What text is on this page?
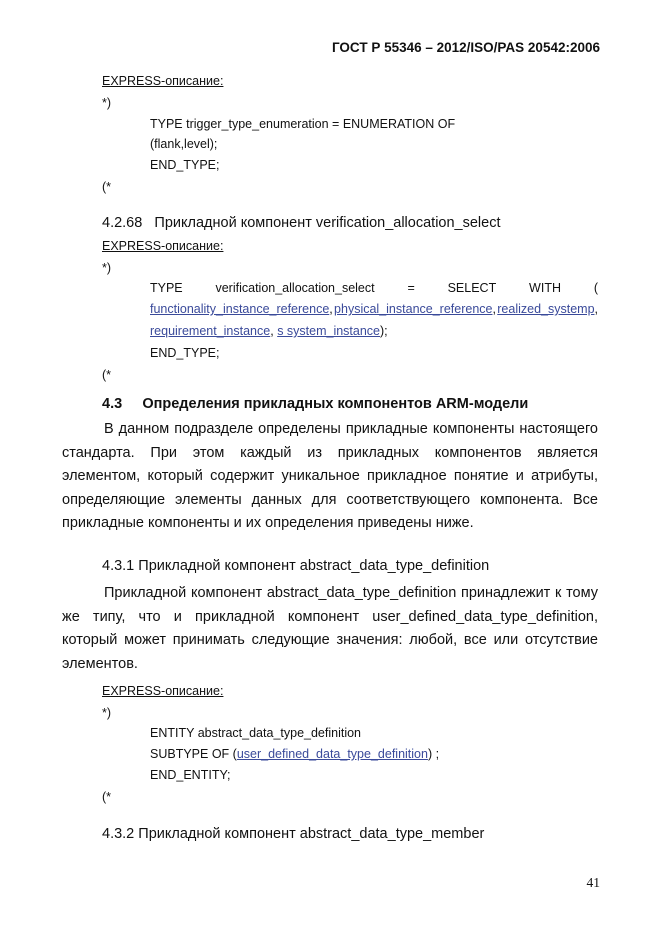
ГОСТ Р 55346 – 2012/ISO/PAS 20542:2006
EXPRESS-описание:
*)
TYPE trigger_type_enumeration = ENUMERATION OF
(flank,level);
END_TYPE;
(*
4.2.68 Прикладной компонент verification_allocation_select
EXPRESS-описание:
*)
TYPE	verification_allocation_select	=	SELECT	WITH	(
functionality_instance_reference, physical_instance_reference, realized_systemp,
requirement_instance, s system_instance);
END_TYPE;
(*
4.3 Определения прикладных компонентов ARM-модели
В данном подразделе определены прикладные компоненты настоящего стандарта. При этом каждый из прикладных компонентов является элементом, который содержит уникальное прикладное понятие и атрибуты, определяющие элементы данных для соответствующего компонента. Все прикладные компоненты и их определения приведены ниже.
4.3.1 Прикладной компонент abstract_data_type_definition
Прикладной компонент abstract_data_type_definition принадлежит к тому же типу, что и прикладной компонент user_defined_data_type_definition, который может принимать следующие значения: любой, все или отсутствие элементов.
EXPRESS-описание:
*)
ENTITY abstract_data_type_definition
SUBTYPE OF (user_defined_data_type_definition) ;
END_ENTITY;
(*
4.3.2 Прикладной компонент abstract_data_type_member
41
